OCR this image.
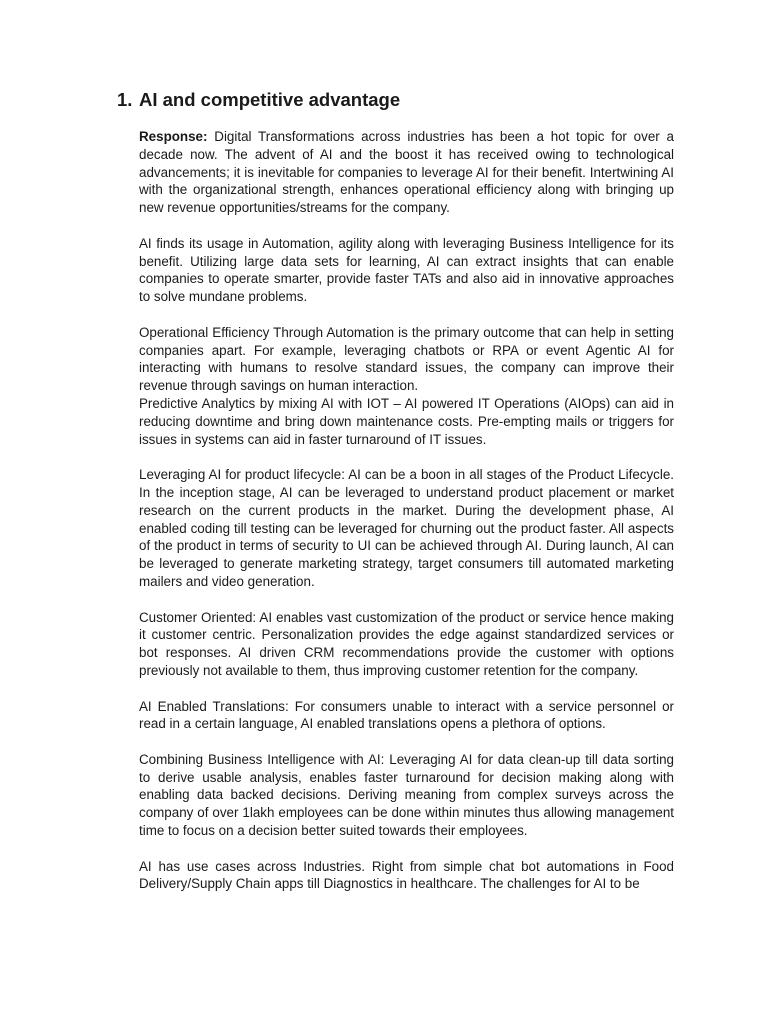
1. AI and competitive advantage

Response: Digital Transformations across industries has been a hot topic for over a decade now. The advent of AI and the boost it has received owing to technological advancements; it is inevitable for companies to leverage AI for their benefit. Intertwining AI with the organizational strength, enhances operational efficiency along with bringing up new revenue opportunities/streams for the company.

AI finds its usage in Automation, agility along with leveraging Business Intelligence for its benefit. Utilizing large data sets for learning, AI can extract insights that can enable companies to operate smarter, provide faster TATs and also aid in innovative approaches to solve mundane problems.

Operational Efficiency Through Automation is the primary outcome that can help in setting companies apart. For example, leveraging chatbots or RPA or event Agentic AI for interacting with humans to resolve standard issues, the company can improve their revenue through savings on human interaction.

Predictive Analytics by mixing AI with IOT – AI powered IT Operations (AIOps) can aid in reducing downtime and bring down maintenance costs. Pre-empting mails or triggers for issues in systems can aid in faster turnaround of IT issues.

Leveraging AI for product lifecycle: AI can be a boon in all stages of the Product Lifecycle. In the inception stage, AI can be leveraged to understand product placement or market research on the current products in the market. During the development phase, AI enabled coding till testing can be leveraged for churning out the product faster. All aspects of the product in terms of security to UI can be achieved through AI. During launch, AI can be leveraged to generate marketing strategy, target consumers till automated marketing mailers and video generation.

Customer Oriented: AI enables vast customization of the product or service hence making it customer centric. Personalization provides the edge against standardized services or bot responses. AI driven CRM recommendations provide the customer with options previously not available to them, thus improving customer retention for the company.

AI Enabled Translations: For consumers unable to interact with a service personnel or read in a certain language, AI enabled translations opens a plethora of options.

Combining Business Intelligence with AI: Leveraging AI for data clean-up till data sorting to derive usable analysis, enables faster turnaround for decision making along with enabling data backed decisions. Deriving meaning from complex surveys across the company of over 1lakh employees can be done within minutes thus allowing management time to focus on a decision better suited towards their employees.

AI has use cases across Industries. Right from simple chat bot automations in Food Delivery/Supply Chain apps till Diagnostics in healthcare. The challenges for AI to be
